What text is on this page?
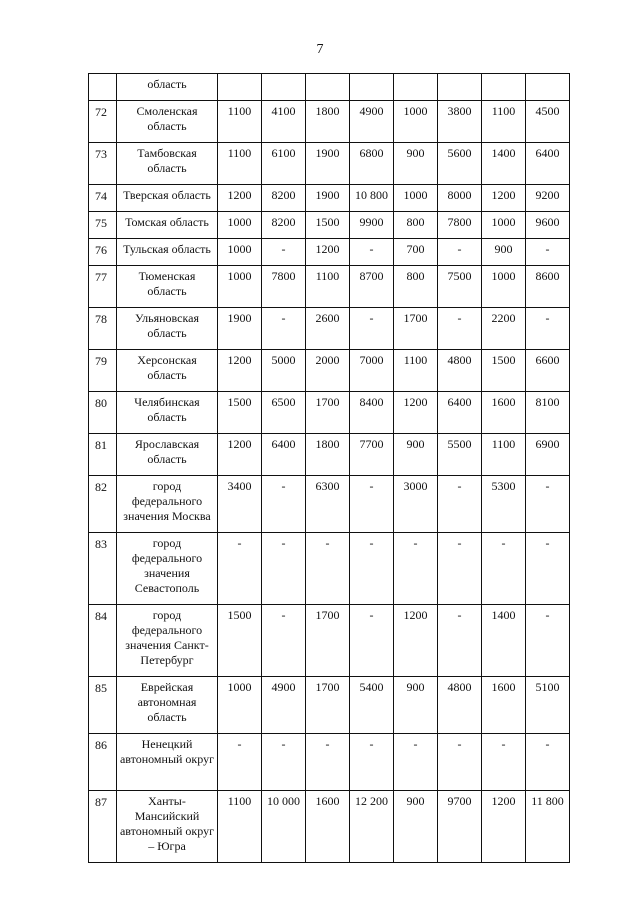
7
	область								
72	Смоленская область	1100	4100	1800	4900	1000	3800	1100	4500
73	Тамбовская область	1100	6100	1900	6800	900	5600	1400	6400
74	Тверская область	1200	8200	1900	10 800	1000	8000	1200	9200
75	Томская область	1000	8200	1500	9900	800	7800	1000	9600
76	Тульская область	1000	-	1200	-	700	-	900	-
77	Тюменская область	1000	7800	1100	8700	800	7500	1000	8600
78	Ульяновская область	1900	-	2600	-	1700	-	2200	-
79	Херсонская область	1200	5000	2000	7000	1100	4800	1500	6600
80	Челябинская область	1500	6500	1700	8400	1200	6400	1600	8100
81	Ярославская область	1200	6400	1800	7700	900	5500	1100	6900
82	город федерального значения Москва	3400	-	6300	-	3000	-	5300	-
83	город федерального значения Севастополь	-	-	-	-	-	-	-	-
84	город федерального значения Санкт-Петербург	1500	-	1700	-	1200	-	1400	-
85	Еврейская автономная область	1000	4900	1700	5400	900	4800	1600	5100
86	Ненецкий автономный округ	-	-	-	-	-	-	-	-
87	Ханты-Мансийский автономный округ – Югра	1100	10 000	1600	12 200	900	9700	1200	11 800
